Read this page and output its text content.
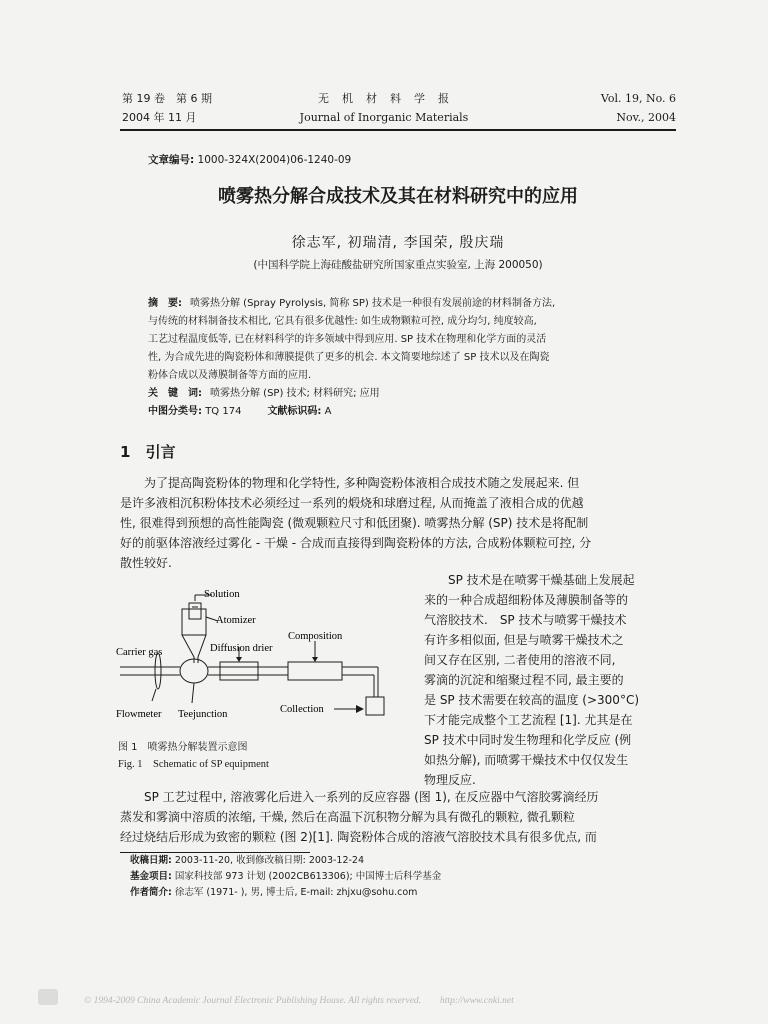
第 19 卷　第 6 期
2004 年 11 月
无　机　材　料　学　报
Journal of Inorganic Materials
Vol. 19, No. 6
Nov., 2004
文章编号: 1000-324X(2004)06-1240-09
喷雾热分解合成技术及其在材料研究中的应用
徐志军, 初瑞清, 李国荣, 殷庆瑞
(中国科学院上海硅酸盐研究所国家重点实验室, 上海 200050)
摘　要: 喷雾热分解 (Spray Pyrolysis, 简称 SP) 技术是一种很有发展前途的材料制备方法,
与传统的材料制备技术相比, 它具有很多优越性: 如生成物颗粒可控, 成分均匀, 纯度较高,
工艺过程温度低等, 已在材料科学的许多领域中得到应用. SP 技术在物理和化学方面的灵活
性, 为合成先进的陶瓷粉体和薄膜提供了更多的机会. 本文简要地综述了 SP 技术以及在陶瓷
粉体合成以及薄膜制备等方面的应用.
关　键　词: 喷雾热分解 (SP) 技术; 材料研究; 应用
中图分类号: TQ 174	文献标识码: A
1 引言
　　为了提高陶瓷粉体的物理和化学特性, 多种陶瓷粉体液相合成技术随之发展起来. 但
是许多液相沉积粉体技术必须经过一系列的煅烧和球磨过程, 从而掩盖了液相合成的优越
性, 很难得到预想的高性能陶瓷 (微观颗粒尺寸和低团聚). 喷雾热分解 (SP) 技术是将配制
好的前驱体溶液经过雾化 - 干燥 - 合成而直接得到陶瓷粉体的方法, 合成粉体颗粒可控, 分
散性较好.
Solution
Atomizer
Composition
Diffusion drier
Carrier gas
Flowmeter Teejunction	Collection
图 1　喷雾热分解装置示意图
Fig. 1　Schematic of SP equipment
　　SP 技术是在喷雾干燥基础上发展起
来的一种合成超细粉体及薄膜制备等的
气溶胶技术.　SP 技术与喷雾干燥技术
有许多相似面, 但是与喷雾干燥技术之
间又存在区别, 二者使用的溶液不同,
雾滴的沉淀和缩聚过程不同, 最主要的
是 SP 技术需要在较高的温度 (>300°C)
下才能完成整个工艺流程 [1]. 尤其是在
SP 技术中同时发生物理和化学反应 (例
如热分解), 而喷雾干燥技术中仅仅发生
物理反应.
　　SP 工艺过程中, 溶液雾化后进入一系列的反应容器 (图 1), 在反应器中气溶胶雾滴经历
蒸发和雾滴中溶质的浓缩, 干燥, 然后在高温下沉积物分解为具有微孔的颗粒, 微孔颗粒
经过烧结后形成为致密的颗粒 (图 2)[1]. 陶瓷粉体合成的溶液气溶胶技术具有很多优点, 而
收稿日期: 2003-11-20, 收到修改稿日期: 2003-12-24
基金项目: 国家科技部 973 计划 (2002CB613306); 中国博士后科学基金
作者简介: 徐志军 (1971- ), 男, 博士后, E-mail: zhjxu@sohu.com
© 1994-2009 China Academic Journal Electronic Publishing House. All rights reserved.　　http://www.cnki.net
